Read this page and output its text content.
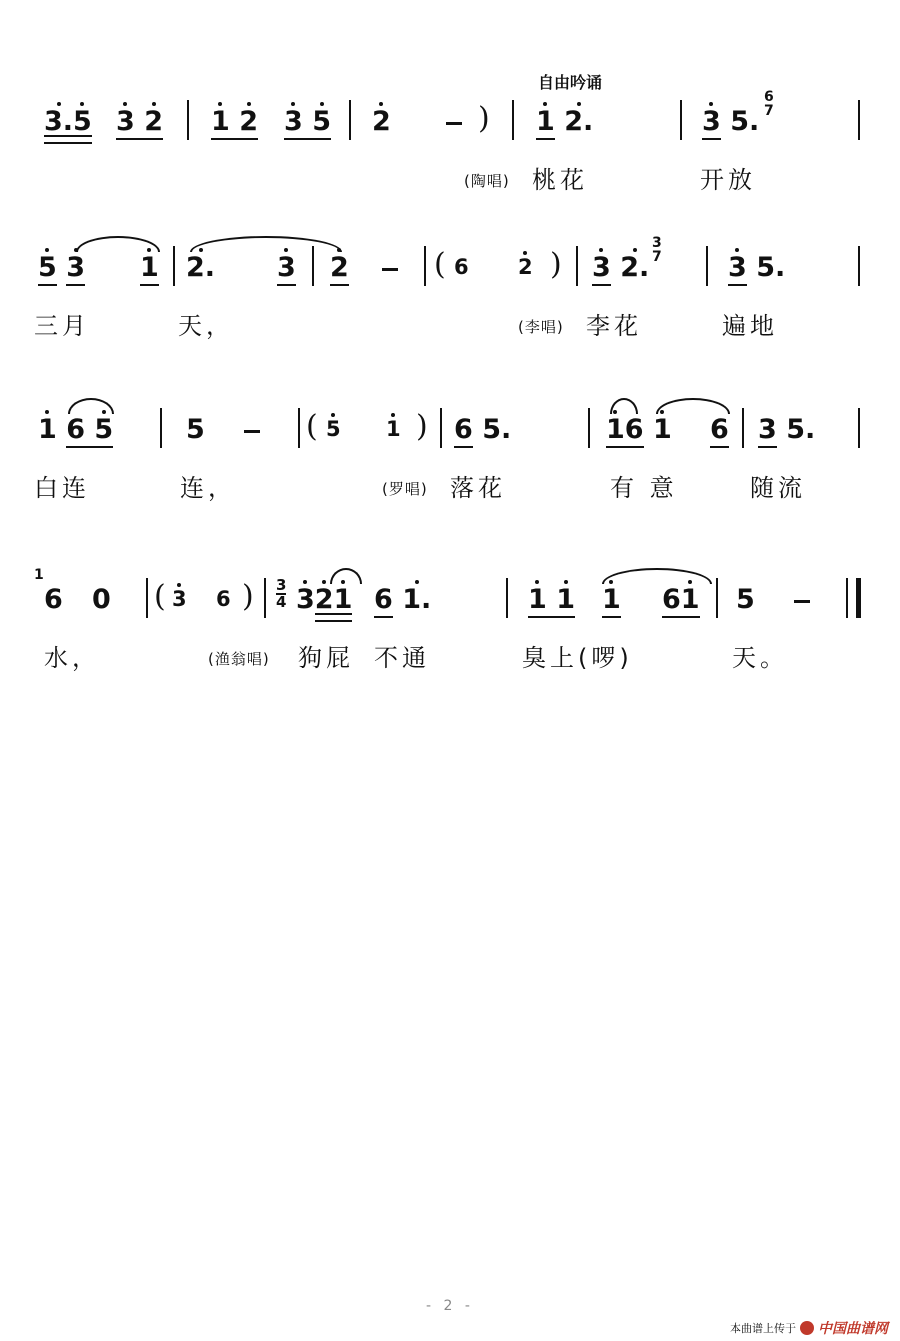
自由吟诵
3.5 3 2 1 2 3 5 2	) 1 2.	3 5.
6
7
(陶唱) 桃花	开放
5 3 1 2. 3 2	( 6 2 ) 3 2.
3
7 3 5.
三月	天，	(李唱) 李花	遍地
1 6 5	5	( 5 1 ) 6 5.	16 1 6 3 5.
白连	连，	(罗唱) 落花	有 意	随流
1
6 0 ( 3 6 ) 3
4 321 6 1.	1 1 1 61 5
水，	(渔翁唱) 狗屁 不通	臭上(啰)	天。
- 2 -
本曲谱上传于 中国曲谱网
